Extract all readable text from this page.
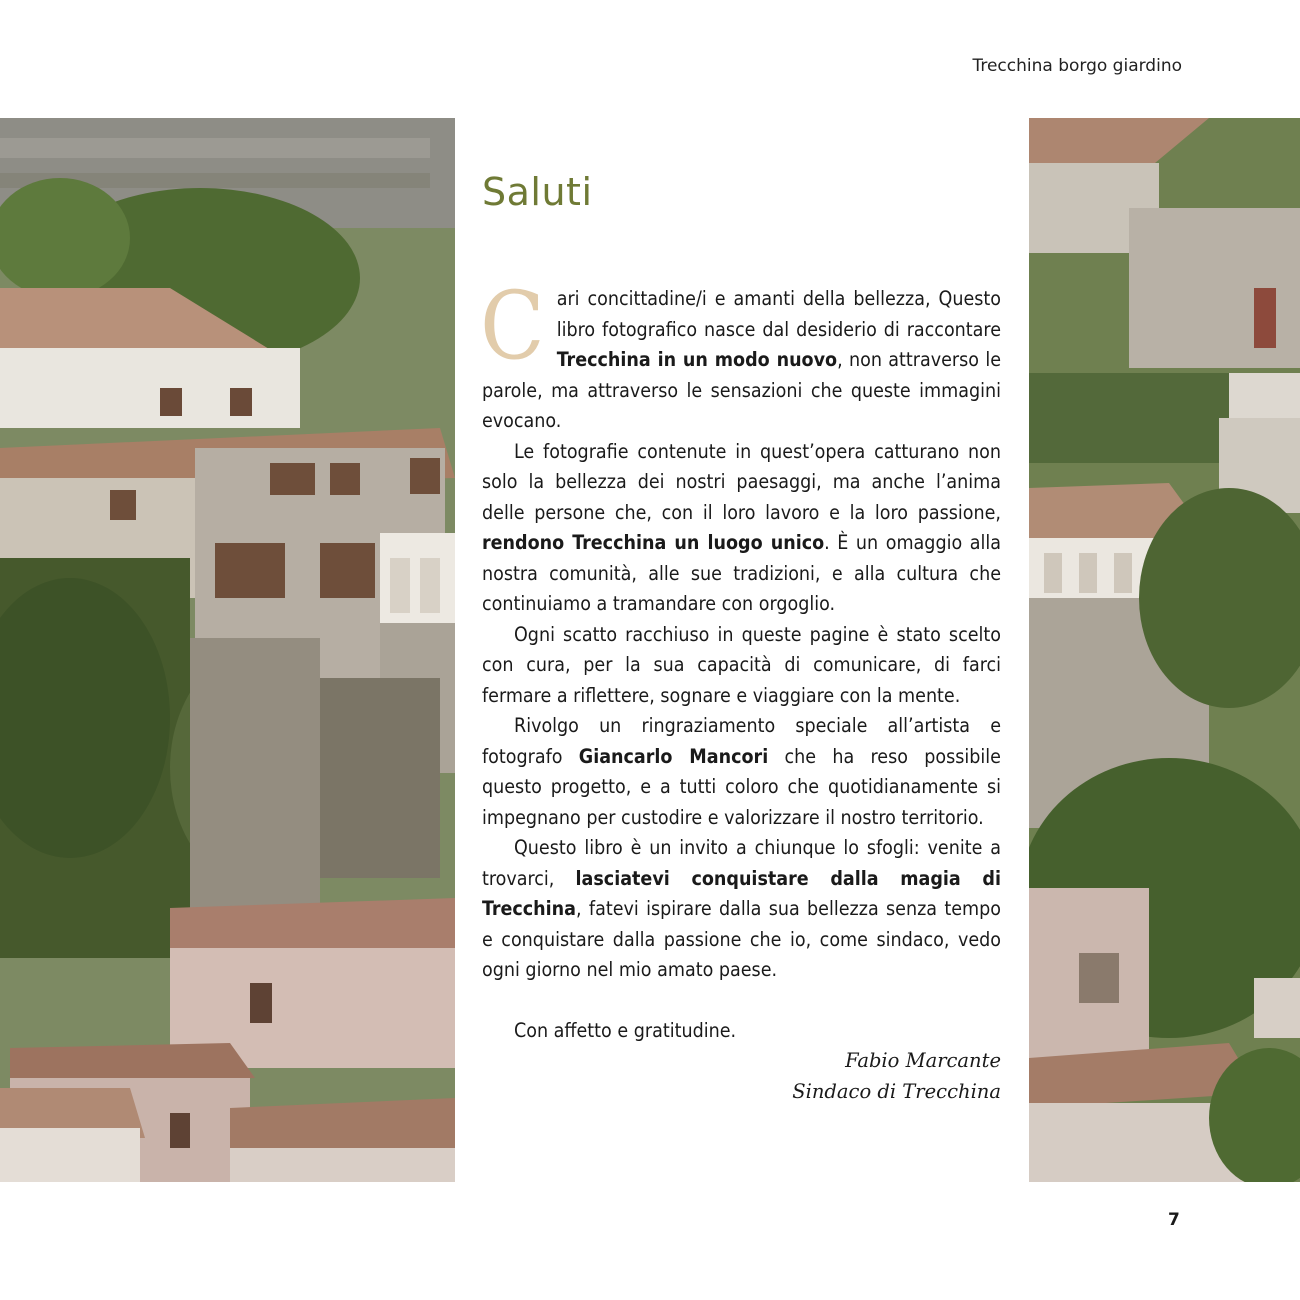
Trecchina borgo giardino
Saluti

Cari concittadine/i e amanti della bellezza, Questo libro fotografico nasce dal desiderio di raccontare Trecchina in un modo nuovo, non attraverso le parole, ma attraverso le sensazioni che queste immagini evocano.

Le fotografie contenute in quest’opera catturano non solo la bellezza dei nostri paesaggi, ma anche l’anima delle persone che, con il loro lavoro e la loro passione, rendono Trecchina un luogo unico. È un omaggio alla nostra comunità, alle sue tradizioni, e alla cultura che continuiamo a tramandare con orgoglio.

Ogni scatto racchiuso in queste pagine è stato scelto con cura, per la sua capacità di comunicare, di farci fermare a riflettere, sognare e viaggiare con la mente.

Rivolgo un ringraziamento speciale all’artista e fotografo Giancarlo Mancori che ha reso possibile questo progetto, e a tutti coloro che quotidianamente si impegnano per custodire e valorizzare il nostro territorio.

Questo libro è un invito a chiunque lo sfogli: venite a trovarci, lasciatevi conquistare dalla magia di Trecchina, fatevi ispirare dalla sua bellezza senza tempo e conquistare dalla passione che io, come sindaco, vedo ogni giorno nel mio amato paese.

Con affetto e gratitudine.

Fabio Marcante
Sindaco di Trecchina
7
